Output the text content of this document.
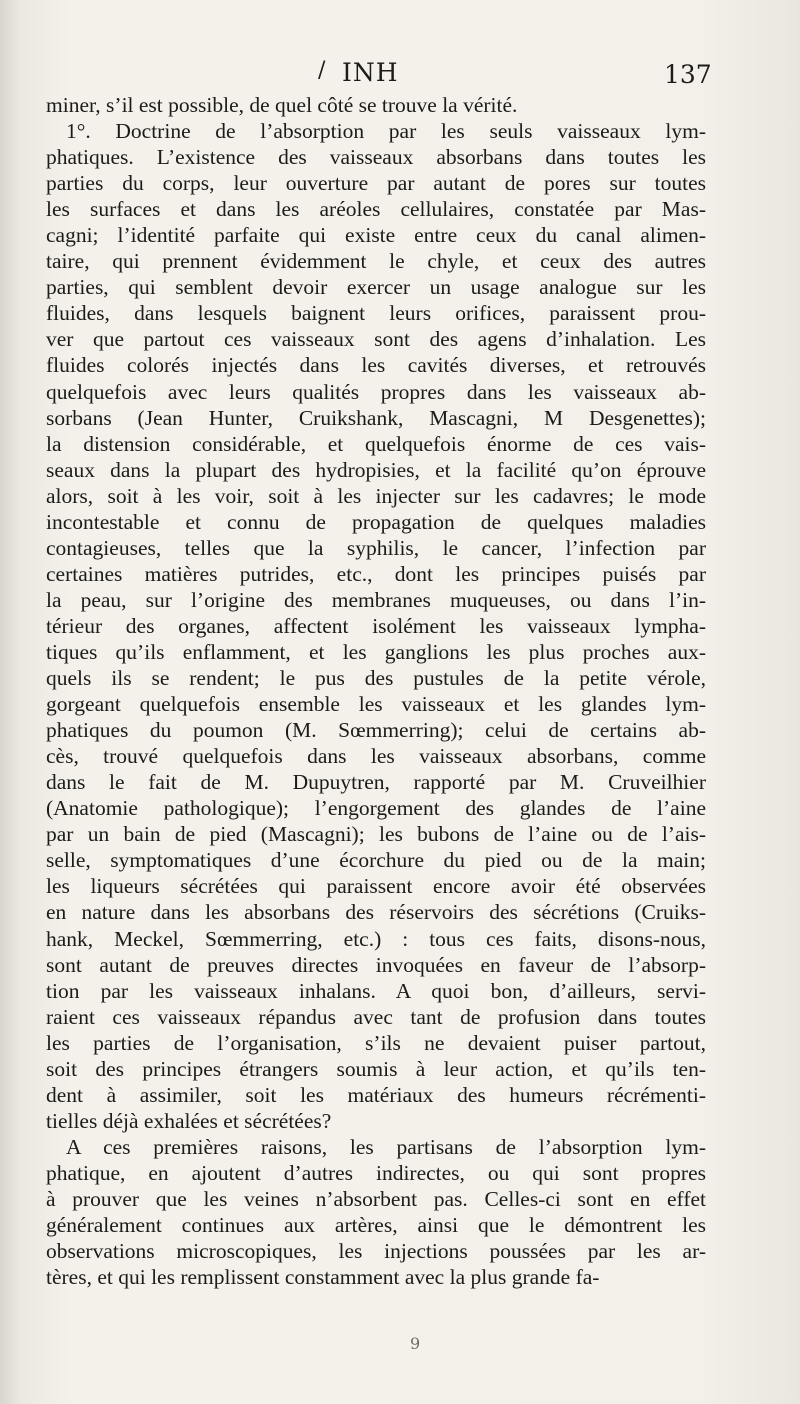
/ INH	137
miner, s’il est possible, de quel côté se trouve la vérité.
1°. Doctrine de l’absorption par les seuls vaisseaux lym-
phatiques. L’existence des vaisseaux absorbans dans toutes les
parties du corps, leur ouverture par autant de pores sur toutes
les surfaces et dans les aréoles cellulaires, constatée par Mas-
cagni; l’identité parfaite qui existe entre ceux du canal alimen-
taire, qui prennent évidemment le chyle, et ceux des autres
parties, qui semblent devoir exercer un usage analogue sur les
fluides, dans lesquels baignent leurs orifices, paraissent prou-
ver que partout ces vaisseaux sont des agens d’inhalation. Les
fluides colorés injectés dans les cavités diverses, et retrouvés
quelquefois avec leurs qualités propres dans les vaisseaux ab-
sorbans (Jean Hunter, Cruikshank, Mascagni, M Desgenettes);
la distension considérable, et quelquefois énorme de ces vais-
seaux dans la plupart des hydropisies, et la facilité qu’on éprouve
alors, soit à les voir, soit à les injecter sur les cadavres; le mode
incontestable et connu de propagation de quelques maladies
contagieuses, telles que la syphilis, le cancer, l’infection par
certaines matières putrides, etc., dont les principes puisés par
la peau, sur l’origine des membranes muqueuses, ou dans l’in-
térieur des organes, affectent isolément les vaisseaux lympha-
tiques qu’ils enflamment, et les ganglions les plus proches aux-
quels ils se rendent; le pus des pustules de la petite vérole,
gorgeant quelquefois ensemble les vaisseaux et les glandes lym-
phatiques du poumon (M. Sœmmerring); celui de certains ab-
cès, trouvé quelquefois dans les vaisseaux absorbans, comme
dans le fait de M. Dupuytren, rapporté par M. Cruveilhier
(Anatomie pathologique); l’engorgement des glandes de l’aine
par un bain de pied (Mascagni); les bubons de l’aine ou de l’ais-
selle, symptomatiques d’une écorchure du pied ou de la main;
les liqueurs sécrétées qui paraissent encore avoir été observées
en nature dans les absorbans des réservoirs des sécrétions (Cruiks-
hank, Meckel, Sœmmerring, etc.) : tous ces faits, disons-nous,
sont autant de preuves directes invoquées en faveur de l’absorp-
tion par les vaisseaux inhalans. A quoi bon, d’ailleurs, servi-
raient ces vaisseaux répandus avec tant de profusion dans toutes
les parties de l’organisation, s’ils ne devaient puiser partout,
soit des principes étrangers soumis à leur action, et qu’ils ten-
dent à assimiler, soit les matériaux des humeurs récrémenti-
tielles déjà exhalées et sécrétées?
A ces premières raisons, les partisans de l’absorption lym-
phatique, en ajoutent d’autres indirectes, ou qui sont propres
à prouver que les veines n’absorbent pas. Celles-ci sont en effet
généralement continues aux artères, ainsi que le démontrent les
observations microscopiques, les injections poussées par les ar-
tères, et qui les remplissent constamment avec la plus grande fa-
9
